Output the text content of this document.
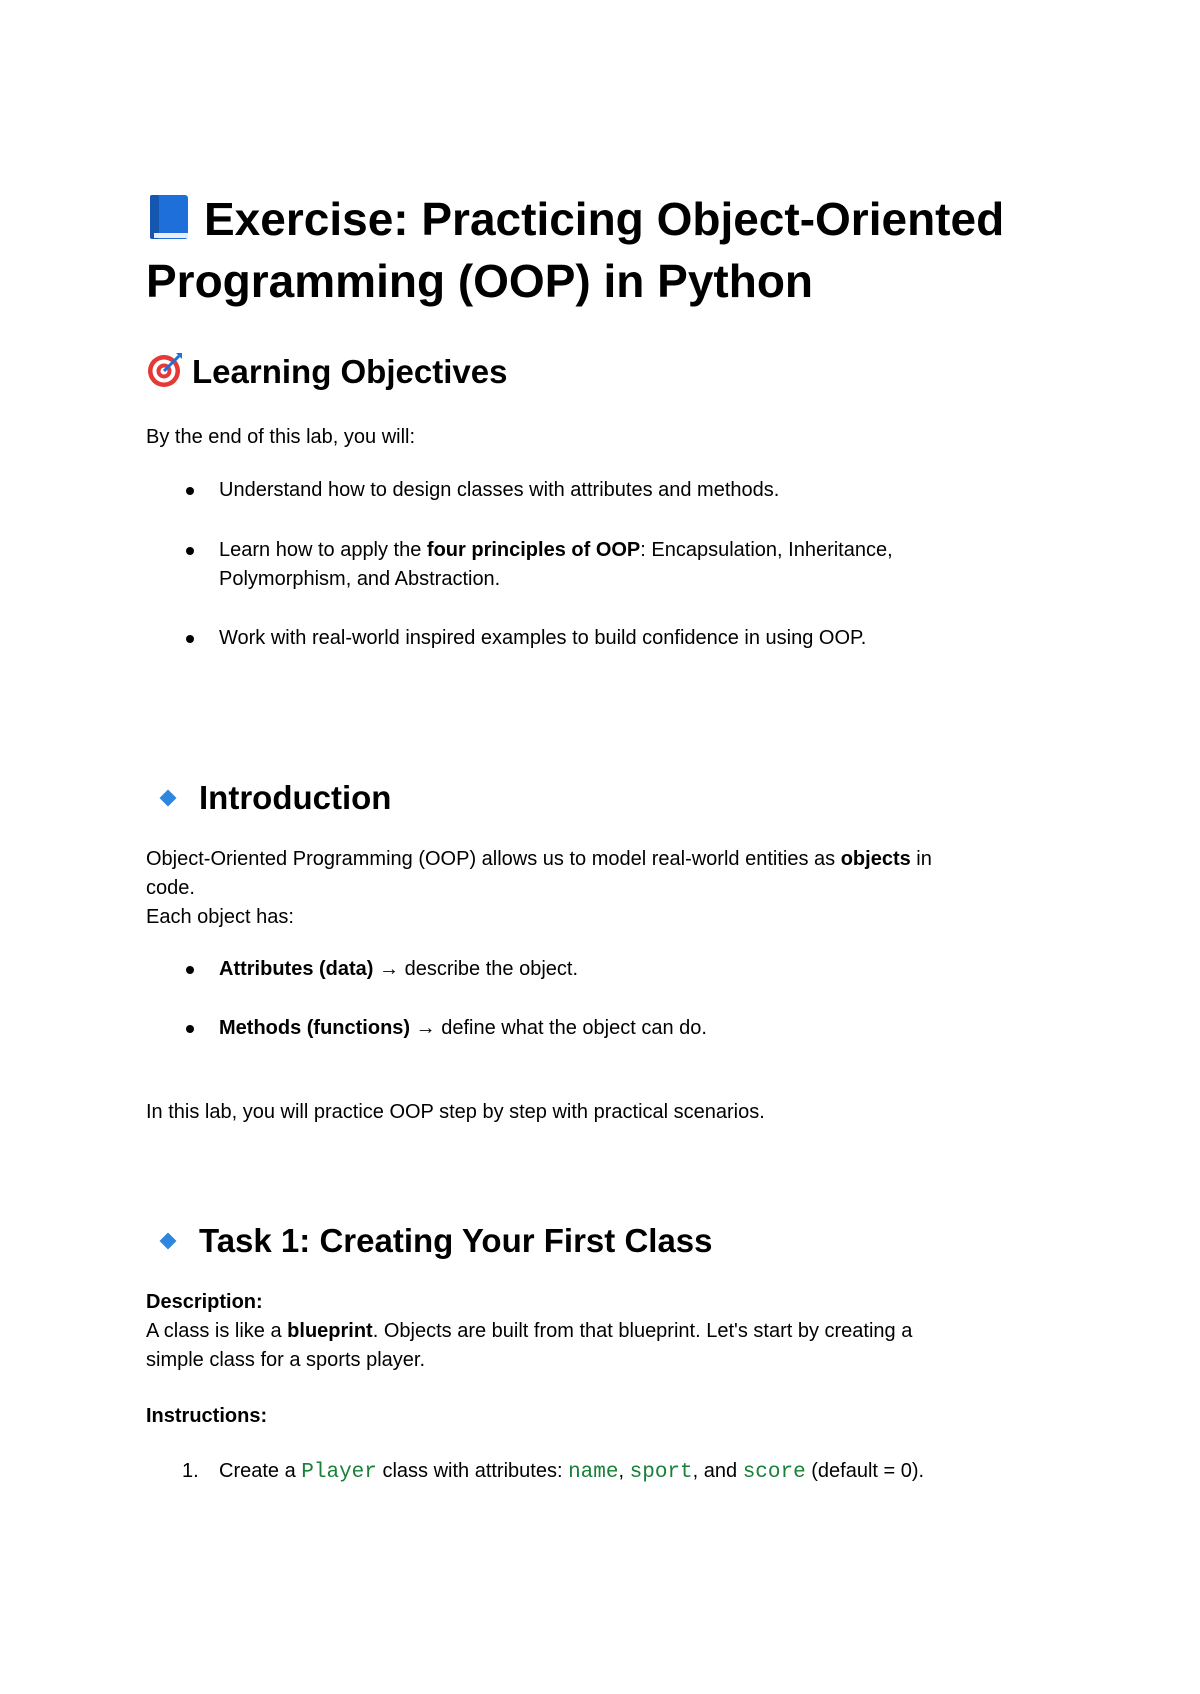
Exercise: Practicing Object-Oriented
Programming (OOP) in Python
Learning Objectives

By the end of this lab, you will:

Understand how to design classes with attributes and methods.

Learn how to apply the four principles of OOP: Encapsulation, Inheritance,
Polymorphism, and Abstraction.

Work with real-world inspired examples to build confidence in using OOP.

Introduction

Object-Oriented Programming (OOP) allows us to model real-world entities as objects in
code.
Each object has:

Attributes (data) → describe the object.

Methods (functions) → define what the object can do.

In this lab, you will practice OOP step by step with practical scenarios.

Task 1: Creating Your First Class

Description:
A class is like a blueprint. Objects are built from that blueprint. Let's start by creating a
simple class for a sports player.

Instructions:

1. Create a Player class with attributes: name, sport, and score (default = 0).
